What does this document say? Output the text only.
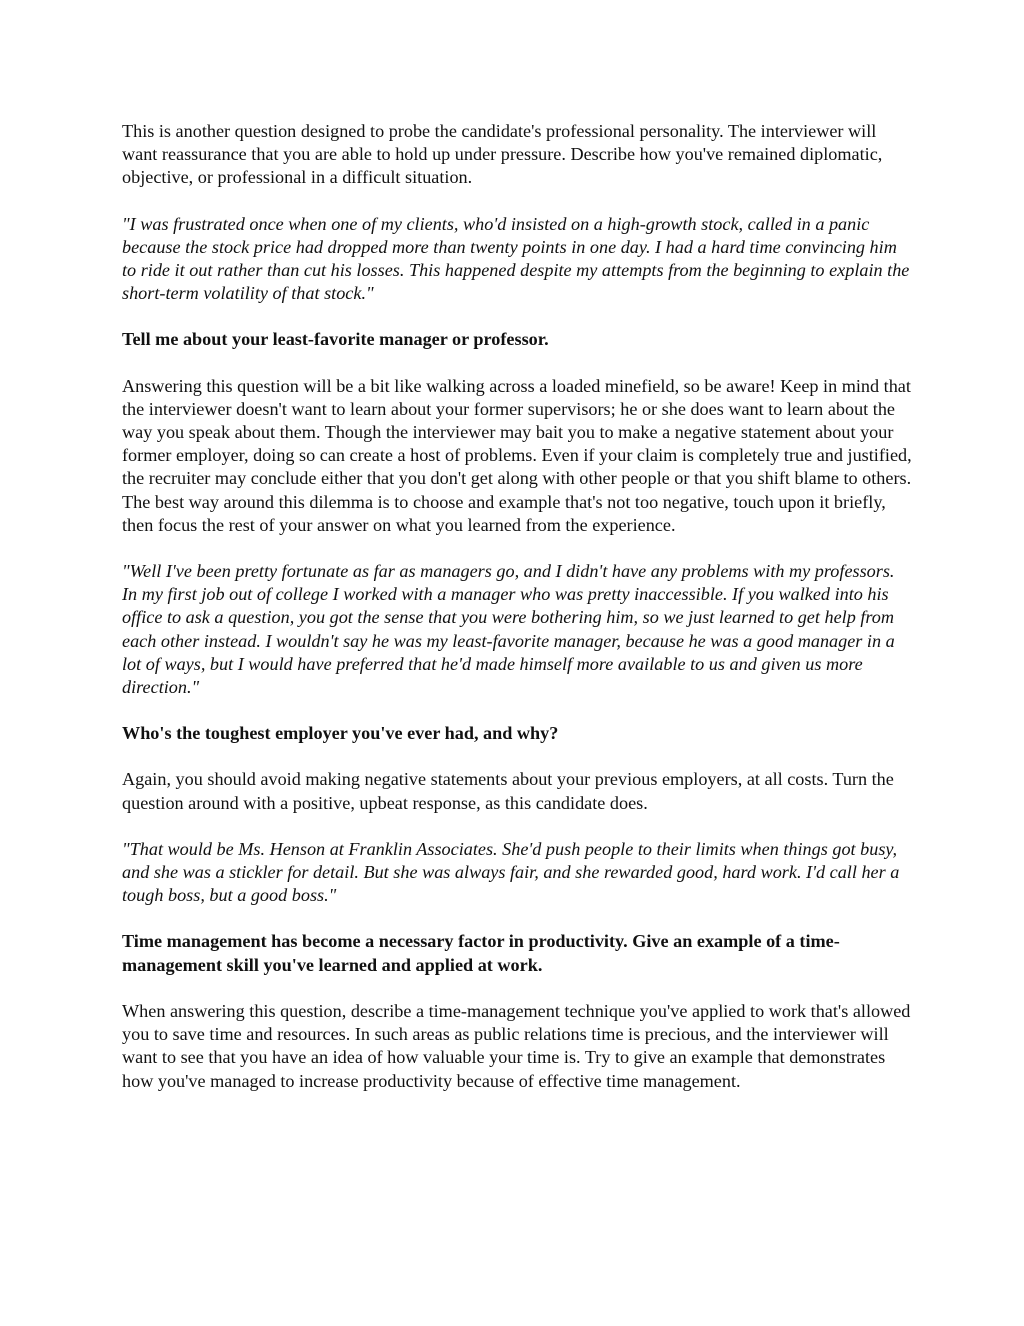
This is another question designed to probe the candidate's professional personality. The interviewer will want reassurance that you are able to hold up under pressure. Describe how you've remained diplomatic, objective, or professional in a difficult situation.

"I was frustrated once when one of my clients, who'd insisted on a high-growth stock, called in a panic because the stock price had dropped more than twenty points in one day. I had a hard time convincing him to ride it out rather than cut his losses. This happened despite my attempts from the beginning to explain the short-term volatility of that stock."

Tell me about your least-favorite manager or professor.

Answering this question will be a bit like walking across a loaded minefield, so be aware! Keep in mind that the interviewer doesn't want to learn about your former supervisors; he or she does want to learn about the way you speak about them. Though the interviewer may bait you to make a negative statement about your former employer, doing so can create a host of problems. Even if your claim is completely true and justified, the recruiter may conclude either that you don't get along with other people or that you shift blame to others. The best way around this dilemma is to choose and example that's not too negative, touch upon it briefly, then focus the rest of your answer on what you learned from the experience.

"Well I've been pretty fortunate as far as managers go, and I didn't have any problems with my professors. In my first job out of college I worked with a manager who was pretty inaccessible. If you walked into his office to ask a question, you got the sense that you were bothering him, so we just learned to get help from each other instead. I wouldn't say he was my least-favorite manager, because he was a good manager in a lot of ways, but I would have preferred that he'd made himself more available to us and given us more direction."

Who's the toughest employer you've ever had, and why?

Again, you should avoid making negative statements about your previous employers, at all costs. Turn the question around with a positive, upbeat response, as this candidate does.

"That would be Ms. Henson at Franklin Associates. She'd push people to their limits when things got busy, and she was a stickler for detail. But she was always fair, and she rewarded good, hard work. I'd call her a tough boss, but a good boss."

Time management has become a necessary factor in productivity. Give an example of a time-management skill you've learned and applied at work.

When answering this question, describe a time-management technique you've applied to work that's allowed you to save time and resources. In such areas as public relations time is precious, and the interviewer will want to see that you have an idea of how valuable your time is. Try to give an example that demonstrates how you've managed to increase productivity because of effective time management.
